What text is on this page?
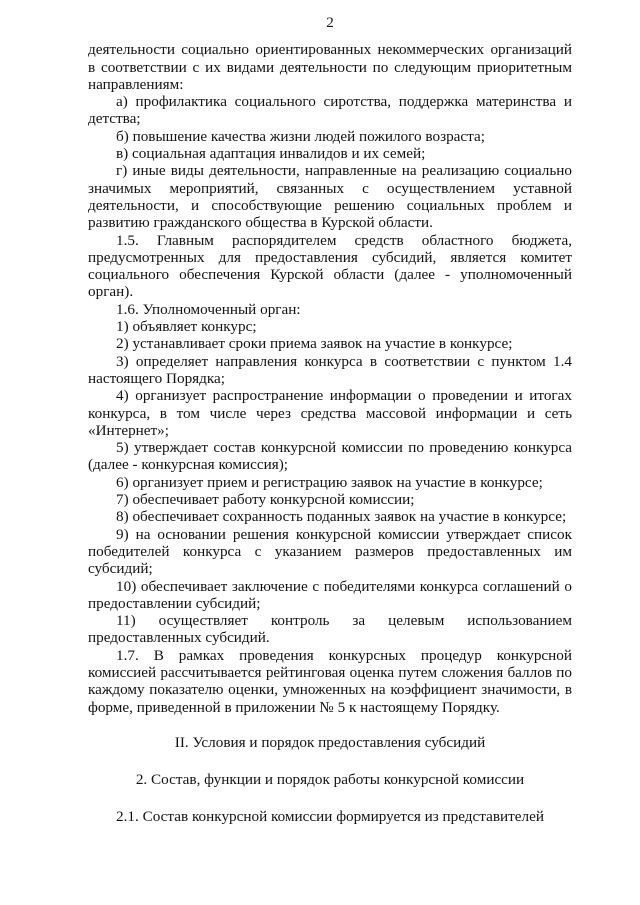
2

деятельности социально ориентированных некоммерческих организаций в соответствии с их видами деятельности по следующим приоритетным направлениям:

а) профилактика социального сиротства, поддержка материнства и детства;

б) повышение качества жизни людей пожилого возраста;

в) социальная адаптация инвалидов и их семей;

г) иные виды деятельности, направленные на реализацию социально значимых мероприятий, связанных с осуществлением уставной деятельности, и способствующие решению социальных проблем и развитию гражданского общества в Курской области.

1.5. Главным распорядителем средств областного бюджета, предусмотренных для предоставления субсидий, является комитет социального обеспечения Курской области (далее - уполномоченный орган).

1.6. Уполномоченный орган:

1) объявляет конкурс;

2) устанавливает сроки приема заявок на участие в конкурсе;

3) определяет направления конкурса в соответствии с пунктом 1.4 настоящего Порядка;

4) организует распространение информации о проведении и итогах конкурса, в том числе через средства массовой информации и сеть «Интернет»;

5) утверждает состав конкурсной комиссии по проведению конкурса (далее - конкурсная комиссия);

6) организует прием и регистрацию заявок на участие в конкурсе;

7) обеспечивает работу конкурсной комиссии;

8) обеспечивает сохранность поданных заявок на участие в конкурсе;

9) на основании решения конкурсной комиссии утверждает список победителей конкурса с указанием размеров предоставленных им субсидий;

10) обеспечивает заключение с победителями конкурса соглашений о предоставлении субсидий;

11) осуществляет контроль за целевым использованием предоставленных субсидий.

1.7. В рамках проведения конкурсных процедур конкурсной комиссией рассчитывается рейтинговая оценка путем сложения баллов по каждому показателю оценки, умноженных на коэффициент значимости, в форме, приведенной в приложении № 5 к настоящему Порядку.

II. Условия и порядок предоставления субсидий

2. Состав, функции и порядок работы конкурсной комиссии

2.1. Состав конкурсной комиссии формируется из представителей
